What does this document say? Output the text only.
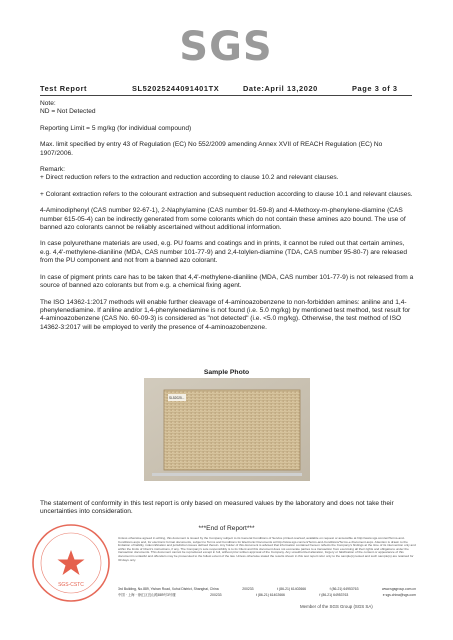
SGS
Test Report	SL52025244091401TX	Date:April 13,2020	Page 3 of 3

Note:

ND = Not Detected

Reporting Limit = 5 mg/kg (for individual compound)

Max. limit specified by entry 43 of Regulation (EC) No 552/2009 amending Annex XVII of REACH Regulation (EC) No 1907/2006.

Remark:

+ Direct reduction refers to the extraction and reduction according to clause 10.2 and relevant clauses.

+ Colorant extraction refers to the colourant extraction and subsequent reduction according to clause 10.1 and relevant clauses.

4-Aminodiphenyl (CAS number 92-67-1), 2-Naphylamine (CAS number 91-59-8) and 4-Methoxy-m-phenylene-diamine (CAS number 615-05-4) can be indirectly generated from some colorants which do not contain these amines azo bound. The use of banned azo colorants cannot be reliably ascertained without additional information.

In case polyurethane materials are used, e.g. PU foams and coatings and in prints, it cannot be ruled out that certain amines, e.g. 4,4'-methylene-dianiline (MDA, CAS number 101-77-9) and 2,4-tolylen-diamine (TDA, CAS number 95-80-7) are released from the PU component and not from a banned azo colorant.

In case of pigment prints care has to be taken that 4,4'-methylene-dianiline (MDA, CAS number 101-77-9) is not released from a source of banned azo colorants but from e.g. a chemical fixing agent.

The ISO 14362-1:2017 methods will enable further cleavage of 4-aminoazobenzene to non-forbidden amines: aniline and 1,4-phenylenediamine. If aniline and/or 1,4-phenylenediamine is not found (i.e. 5.0 mg/kg) by mentioned test method, test result for 4-aminoazobenzene (CAS No. 60-09-3) is considered as "not detected" (i.e. <5.0 mg/kg). Otherwise, the test method of ISO 14362-3:2017 will be employed to verify the presence of 4-aminoazobenzene.

Sample Photo
SL52025...
The statement of conformity in this test report is only based on measured values by the laboratory and does not take their uncertainties into consideration.
***End of Report***
Unless otherwise agreed in writing, this document is issued by the Company subject to its General Conditions of Service printed overleaf, available on request or accessible at http://www.sgs.com/en/Terms-and-Conditions.aspx and, for electronic format documents, subject to Terms and Conditions for Electronic Documents at http://www.sgs.com/en/Terms-and-Conditions/Terms-e-Document.aspx. Attention is drawn to the limitation of liability, indemnification and jurisdiction issues defined therein. Any holder of this document is advised that information contained hereon reflects the Company's findings at the time of its intervention only and within the limits of Client's instructions, if any. The Company's sole responsibility is to its Client and this document does not exonerate parties to a transaction from exercising all their rights and obligations under the transaction documents. This document cannot be reproduced except in full, without prior written approval of the Company. Any unauthorized alteration, forgery or falsification of the content or appearance of this document is unlawful and offenders may be prosecuted to the fullest extent of the law. Unless otherwise stated the results shown in this test report refer only to the sample(s) tested and such sample(s) are retained for 30 days only.
3rd Building, No.889, Yishan Road, Xuhui District, Shanghai, China	200233	t (86-21) 61402666	f (86-21) 64953763	www.sgsgroup.com.cn
中国 · 上海 · 徐汇区宜山路889号3号楼	200233	t (86-21) 61402666	f (86-21) 64953763	e sgs.china@sgs.com
SGS-CSTC
Member of the SGS Group (SGS SA)
